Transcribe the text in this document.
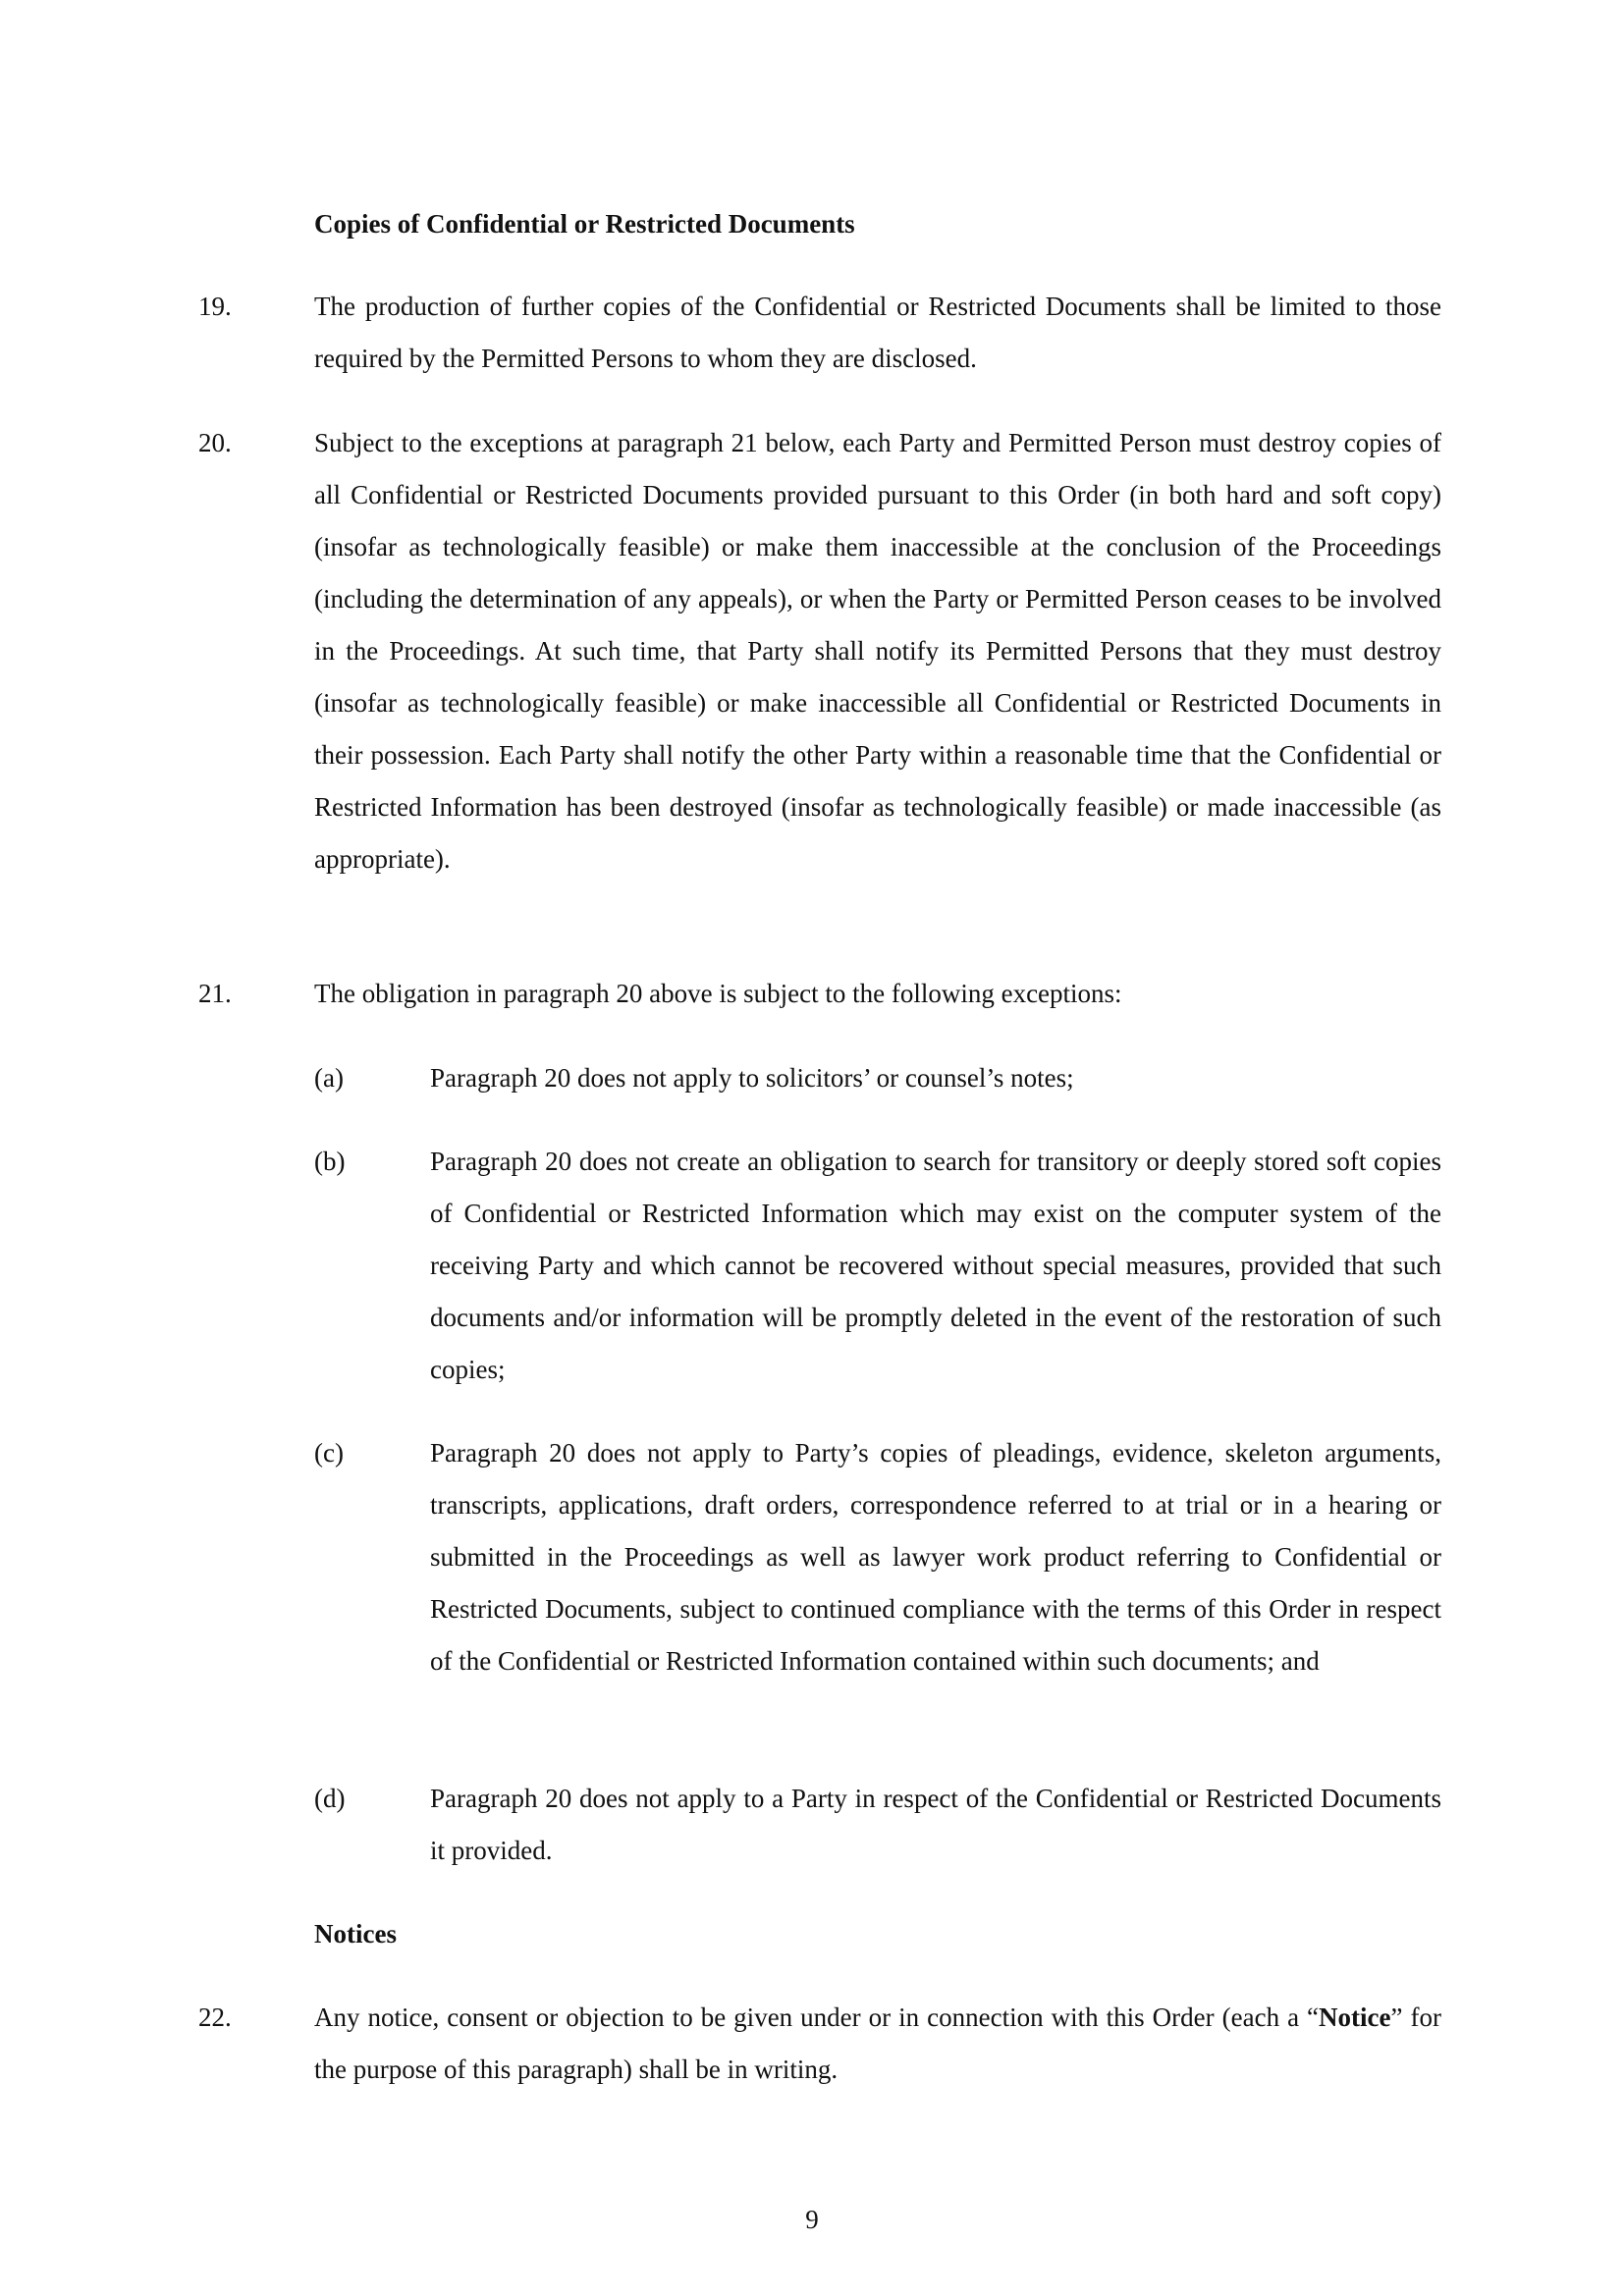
Copies of Confidential or Restricted Documents
19.	The production of further copies of the Confidential or Restricted Documents shall be limited to those required by the Permitted Persons to whom they are disclosed.
20.	Subject to the exceptions at paragraph 21 below, each Party and Permitted Person must destroy copies of all Confidential or Restricted Documents provided pursuant to this Order (in both hard and soft copy) (insofar as technologically feasible) or make them inaccessible at the conclusion of the Proceedings (including the determination of any appeals), or when the Party or Permitted Person ceases to be involved in the Proceedings. At such time, that Party shall notify its Permitted Persons that they must destroy (insofar as technologically feasible) or make inaccessible all Confidential or Restricted Documents in their possession. Each Party shall notify the other Party within a reasonable time that the Confidential or Restricted Information has been destroyed (insofar as technologically feasible) or made inaccessible (as appropriate).
21.	The obligation in paragraph 20 above is subject to the following exceptions:
(a)	Paragraph 20 does not apply to solicitors’ or counsel’s notes;
(b)	Paragraph 20 does not create an obligation to search for transitory or deeply stored soft copies of Confidential or Restricted Information which may exist on the computer system of the receiving Party and which cannot be recovered without special measures, provided that such documents and/or information will be promptly deleted in the event of the restoration of such copies;
(c)	Paragraph 20 does not apply to Party’s copies of pleadings, evidence, skeleton arguments, transcripts, applications, draft orders, correspondence referred to at trial or in a hearing or submitted in the Proceedings as well as lawyer work product referring to Confidential or Restricted Documents, subject to continued compliance with the terms of this Order in respect of the Confidential or Restricted Information contained within such documents; and
(d)	Paragraph 20 does not apply to a Party in respect of the Confidential or Restricted Documents it provided.
Notices
22.	Any notice, consent or objection to be given under or in connection with this Order (each a “Notice” for the purpose of this paragraph) shall be in writing.
9
